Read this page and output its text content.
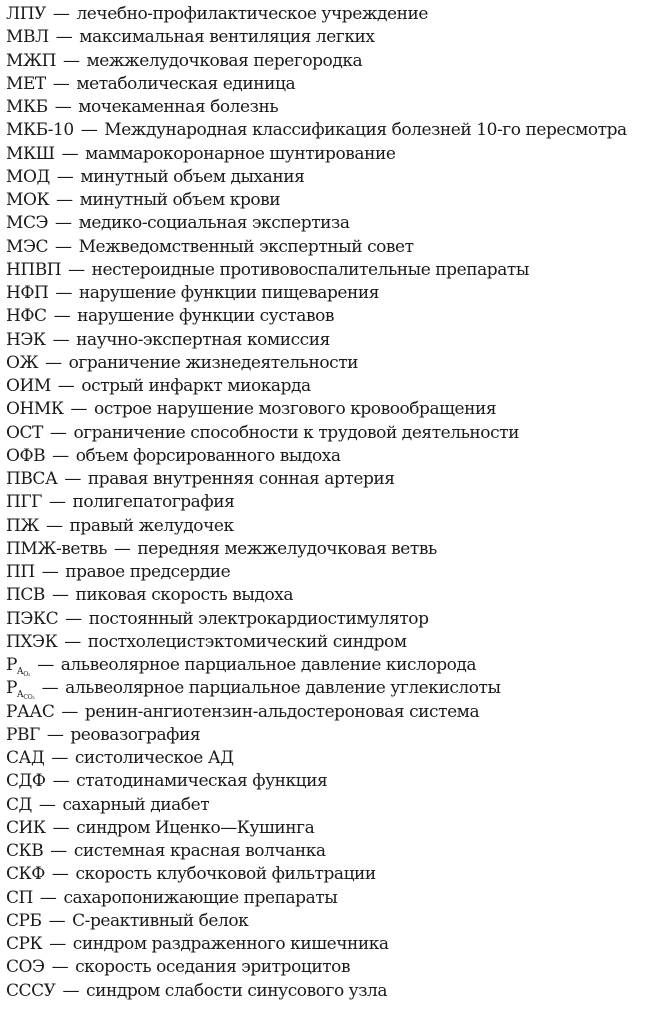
ЛПУ — лечебно-профилактическое учреждение
МВЛ — максимальная вентиляция легких
МЖП — межжелудочковая перегородка
МЕТ — метаболическая единица
МКБ — мочекаменная болезнь
МКБ-10 — Международная классификация болезней 10-го пересмотра
МКШ — маммарокоронарное шунтирование
МОД — минутный объем дыхания
МОК — минутный объем крови
МСЭ — медико-социальная экспертиза
МЭС — Межведомственный экспертный совет
НПВП — нестероидные противовоспалительные препараты
НФП — нарушение функции пищеварения
НФС — нарушение функции суставов
НЭК — научно-экспертная комиссия
ОЖ — ограничение жизнедеятельности
ОИМ — острый инфаркт миокарда
ОНМК — острое нарушение мозгового кровообращения
ОСТ — ограничение способности к трудовой деятельности
ОФВ — объем форсированного выдоха
ПВСА — правая внутренняя сонная артерия
ПГГ — полигепатография
ПЖ — правый желудочек
ПМЖ-ветвь — передняя межжелудочковая ветвь
ПП — правое предсердие
ПСВ — пиковая скорость выдоха
ПЭКС — постоянный электрокардиостимулятор
ПХЭК — постхолецистэктомический синдром
$PA_{O_2}$ — альвеолярное парциальное давление кислорода
$PA_{CO_2}$ — альвеолярное парциальное давление углекислоты
РААС — ренин-ангиотензин-альдостероновая система
РВГ — реовазография
САД — систолическое АД
СДФ — статодинамическая функция
СД — сахарный диабет
СИК — синдром Иценко—Кушинга
СКВ — системная красная волчанка
СКФ — скорость клубочковой фильтрации
СП — сахаропонижающие препараты
СРБ — С-реактивный белок
СРК — синдром раздраженного кишечника
СОЭ — скорость оседания эритроцитов
СССУ — синдром слабости синусового узла
